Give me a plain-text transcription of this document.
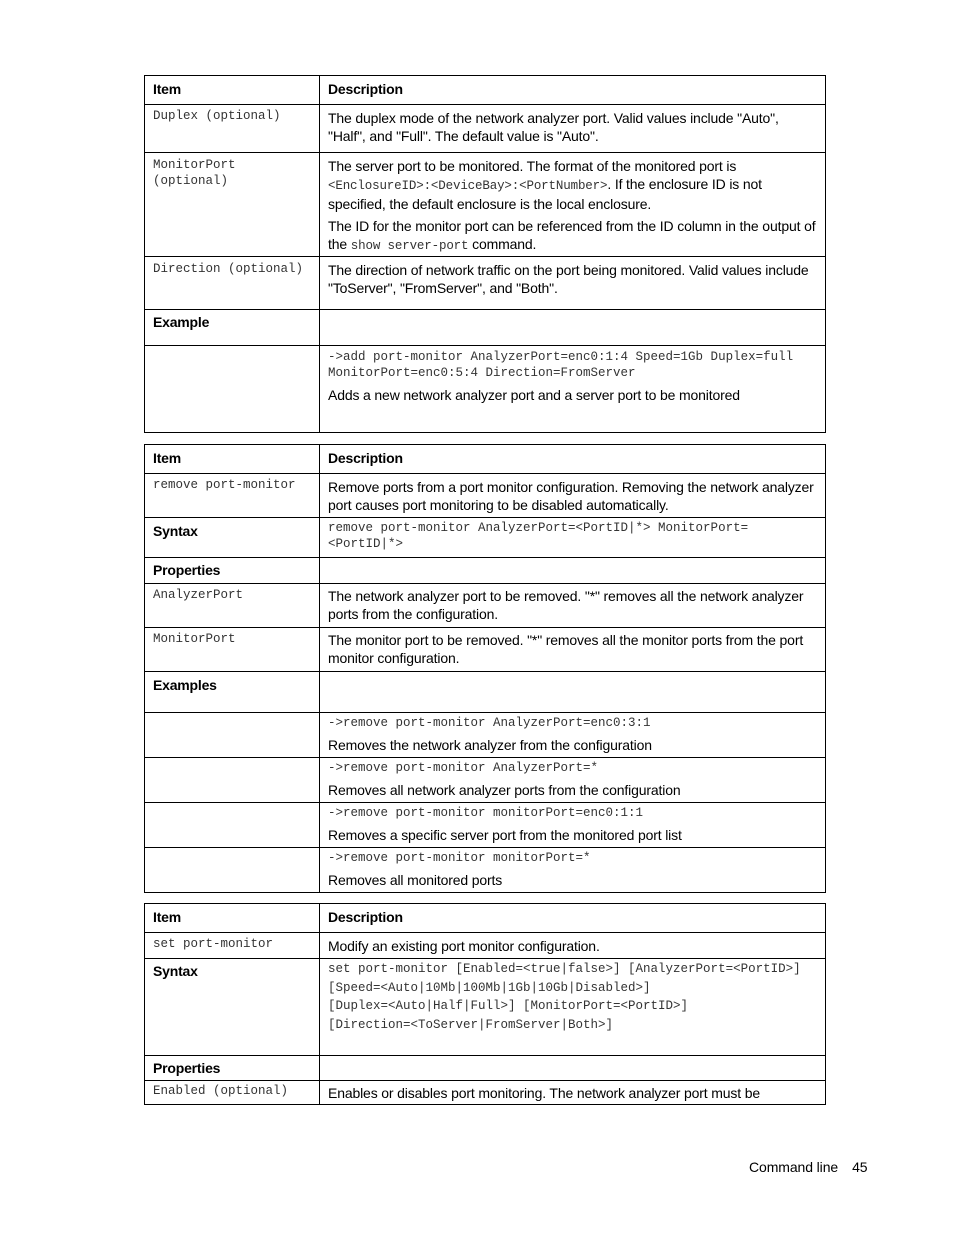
Item	Description
Duplex (optional)	The duplex mode of the network analyzer port. Valid values include "Auto", "Half", and "Full". The default value is "Auto".
MonitorPort (optional)	The server port to be monitored. The format of the monitored port is <EnclosureID>:<DeviceBay>:<PortNumber>. If the enclosure ID is not specified, the default enclosure is the local enclosure.

The ID for the monitor port can be referenced from the ID column in the output of the show server-port command.

Direction (optional)	The direction of network traffic on the port being monitored. Valid values include "ToServer", "FromServer", and "Both".
Example	

	->add port-monitor AnalyzerPort=enc0:1:4 Speed=1Gb Duplex=full MonitorPort=enc0:5:4 Direction=FromServer
Adds a new network analyzer port and a server port to be monitored
Item	Description
remove port-monitor	Remove ports from a port monitor configuration. Removing the network analyzer port causes port monitoring to be disabled automatically.
Syntax	remove port-monitor AnalyzerPort=<PortID|*> MonitorPort=<PortID|*>
Properties	
AnalyzerPort	The network analyzer port to be removed. "*" removes all the network analyzer ports from the configuration.
MonitorPort	The monitor port to be removed. "*" removes all the monitor ports from the port monitor configuration.
Examples	

	->remove port-monitor AnalyzerPort=enc0:3:1
Removes the network analyzer from the configuration

	->remove port-monitor AnalyzerPort=*
Removes all network analyzer ports from the configuration

	->remove port-monitor monitorPort=enc0:1:1
Removes a specific server port from the monitored port list

	->remove port-monitor monitorPort=*
Removes all monitored ports
Item	Description
set port-monitor	Modify an existing port monitor configuration.
Syntax	set port-monitor [Enabled=<true|false>] [AnalyzerPort=<PortID>]
[Speed=<Auto|10Mb|100Mb|1Gb|10Gb|Disabled>]
[Duplex=<Auto|Half|Full>] [MonitorPort=<PortID>]
[Direction=<ToServer|FromServer|Both>]

Properties	
Enabled (optional)	Enables or disables port monitoring. The network analyzer port must be
Command line 45
